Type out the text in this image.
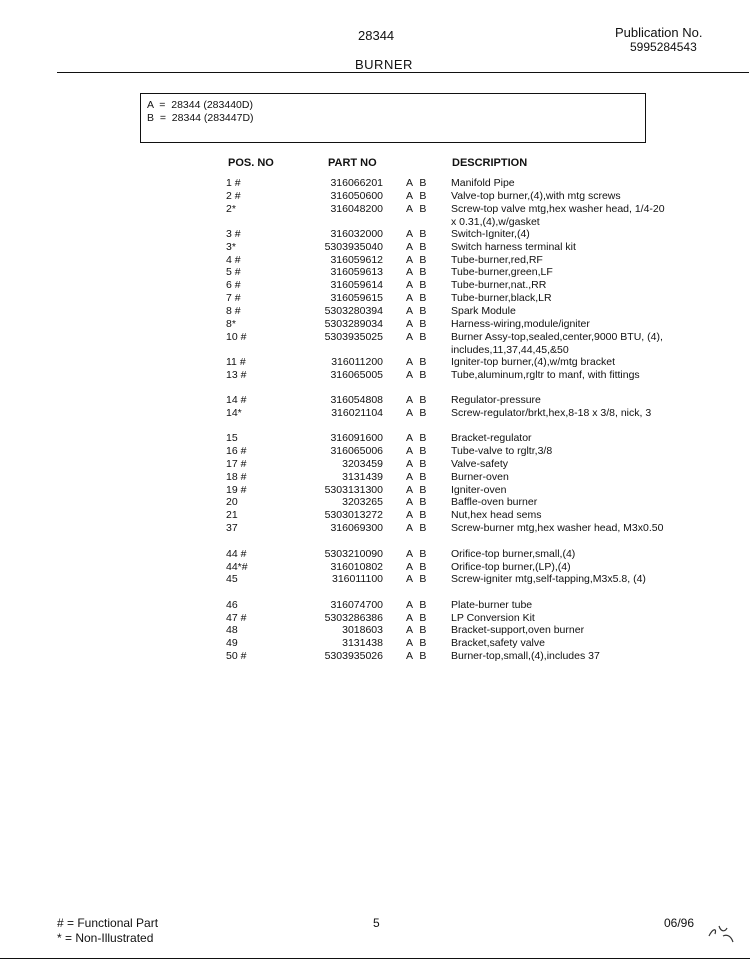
28344	Publication No.
5995284543
BURNER
A  =  28344 (283440D)
B  =  28344 (283447D)
POS. NO	PART NO	DESCRIPTION
1 #	316066201 A B Manifold Pipe
2 #	316050600 A B Valve-top burner,(4),with mtg screws
2*	316048200 A B Screw-top valve mtg,hex washer head, 1/4-20 x 0.31,(4),w/gasket
3 #	316032000 A B Switch-Igniter,(4)
3*	5303935040 A B Switch harness terminal kit
4 #	316059612 A B Tube-burner,red,RF
5 #	316059613 A B Tube-burner,green,LF
6 #	316059614 A B Tube-burner,nat.,RR
7 #	316059615 A B Tube-burner,black,LR
8 #	5303280394 A B Spark Module
8*	5303289034 A B Harness-wiring,module/igniter
10 #	5303935025 A B Burner Assy-top,sealed,center,9000 BTU, (4), includes,11,37,44,45,&50
11 #	316011200 A B Igniter-top burner,(4),w/mtg bracket
13 #	316065005 A B Tube,aluminum,rgltr to manf, with fittings
14 #	316054808 A B Regulator-pressure
14*	316021104 A B Screw-regulator/brkt,hex,8-18 x 3/8, nick, 3
15	316091600 A B Bracket-regulator
16 #	316065006 A B Tube-valve to rgltr,3/8
17 #	3203459 A B Valve-safety
18 #	3131439 A B Burner-oven
19 #	5303131300 A B Igniter-oven
20	3203265 A B Baffle-oven burner
21	5303013272 A B Nut,hex head sems
37	316069300 A B Screw-burner mtg,hex washer head, M3x0.50
44 #	5303210090 A B Orifice-top burner,small,(4)
44*#	316010802 A B Orifice-top burner,(LP),(4)
45	316011100 A B Screw-igniter mtg,self-tapping,M3x5.8, (4)
46	316074700 A B Plate-burner tube
47 #	5303286386 A B LP Conversion Kit
48	3018603 A B Bracket-support,oven burner
49	3131438 A B Bracket,safety valve
50 #	5303935026 A B Burner-top,small,(4),includes 37
# = Functional Part
* = Non-Illustrated
5	06/96
